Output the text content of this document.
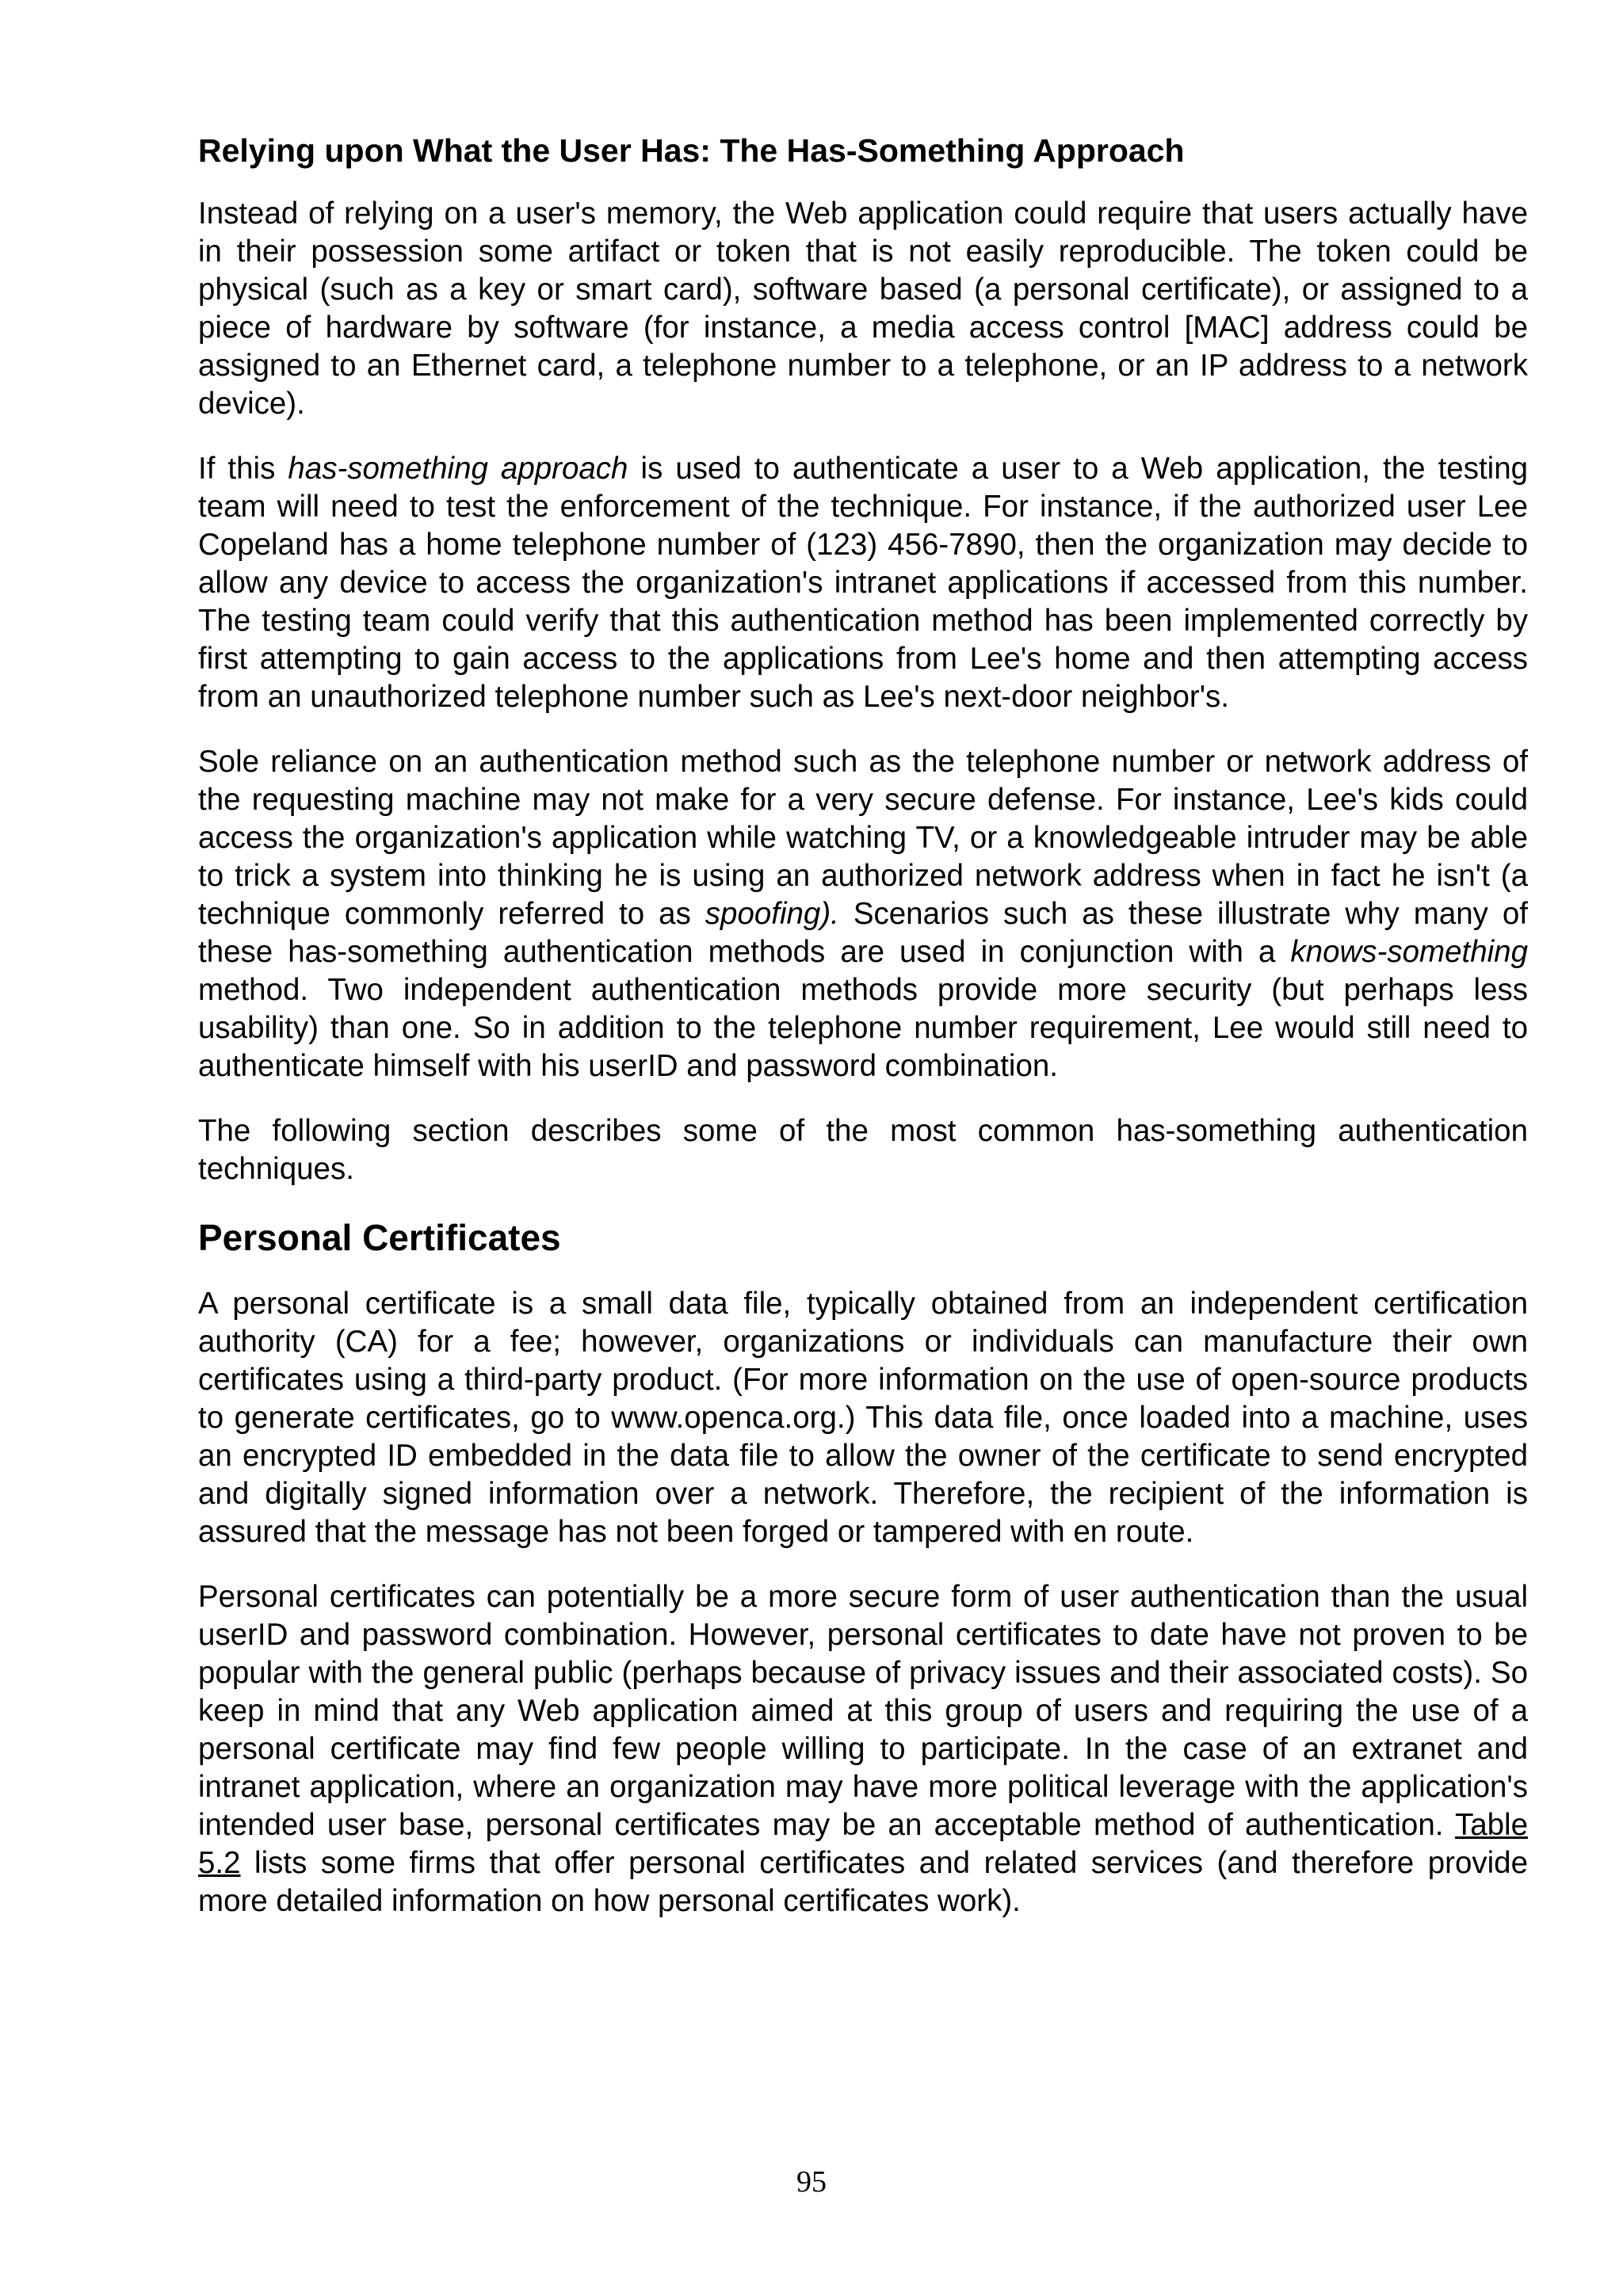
Relying upon What the User Has: The Has-Something Approach

Instead of relying on a user's memory, the Web application could require that users actually have in their possession some artifact or token that is not easily reproducible. The token could be physical (such as a key or smart card), software based (a personal certificate), or assigned to a piece of hardware by software (for instance, a media access control [MAC] address could be assigned to an Ethernet card, a telephone number to a telephone, or an IP address to a network device).

If this has-something approach is used to authenticate a user to a Web application, the testing team will need to test the enforcement of the technique. For instance, if the authorized user Lee Copeland has a home telephone number of (123) 456-7890, then the organization may decide to allow any device to access the organization's intranet applications if accessed from this number. The testing team could verify that this authentication method has been implemented correctly by first attempting to gain access to the applications from Lee's home and then attempting access from an unauthorized telephone number such as Lee's next-door neighbor's.

Sole reliance on an authentication method such as the telephone number or network address of the requesting machine may not make for a very secure defense. For instance, Lee's kids could access the organization's application while watching TV, or a knowledgeable intruder may be able to trick a system into thinking he is using an authorized network address when in fact he isn't (a technique commonly referred to as spoofing). Scenarios such as these illustrate why many of these has-something authentication methods are used in conjunction with a knows-something method. Two independent authentication methods provide more security (but perhaps less usability) than one. So in addition to the telephone number requirement, Lee would still need to authenticate himself with his userID and password combination.

The following section describes some of the most common has-something authentication techniques.

Personal Certificates

A personal certificate is a small data file, typically obtained from an independent certification authority (CA) for a fee; however, organizations or individuals can manufacture their own certificates using a third-party product. (For more information on the use of open-source products to generate certificates, go to www.openca.org.) This data file, once loaded into a machine, uses an encrypted ID embedded in the data file to allow the owner of the certificate to send encrypted and digitally signed information over a network. Therefore, the recipient of the information is assured that the message has not been forged or tampered with en route.

Personal certificates can potentially be a more secure form of user authentication than the usual userID and password combination. However, personal certificates to date have not proven to be popular with the general public (perhaps because of privacy issues and their associated costs). So keep in mind that any Web application aimed at this group of users and requiring the use of a personal certificate may find few people willing to participate. In the case of an extranet and intranet application, where an organization may have more political leverage with the application's intended user base, personal certificates may be an acceptable method of authentication. Table 5.2 lists some firms that offer personal certificates and related services (and therefore provide more detailed information on how personal certificates work).

95
